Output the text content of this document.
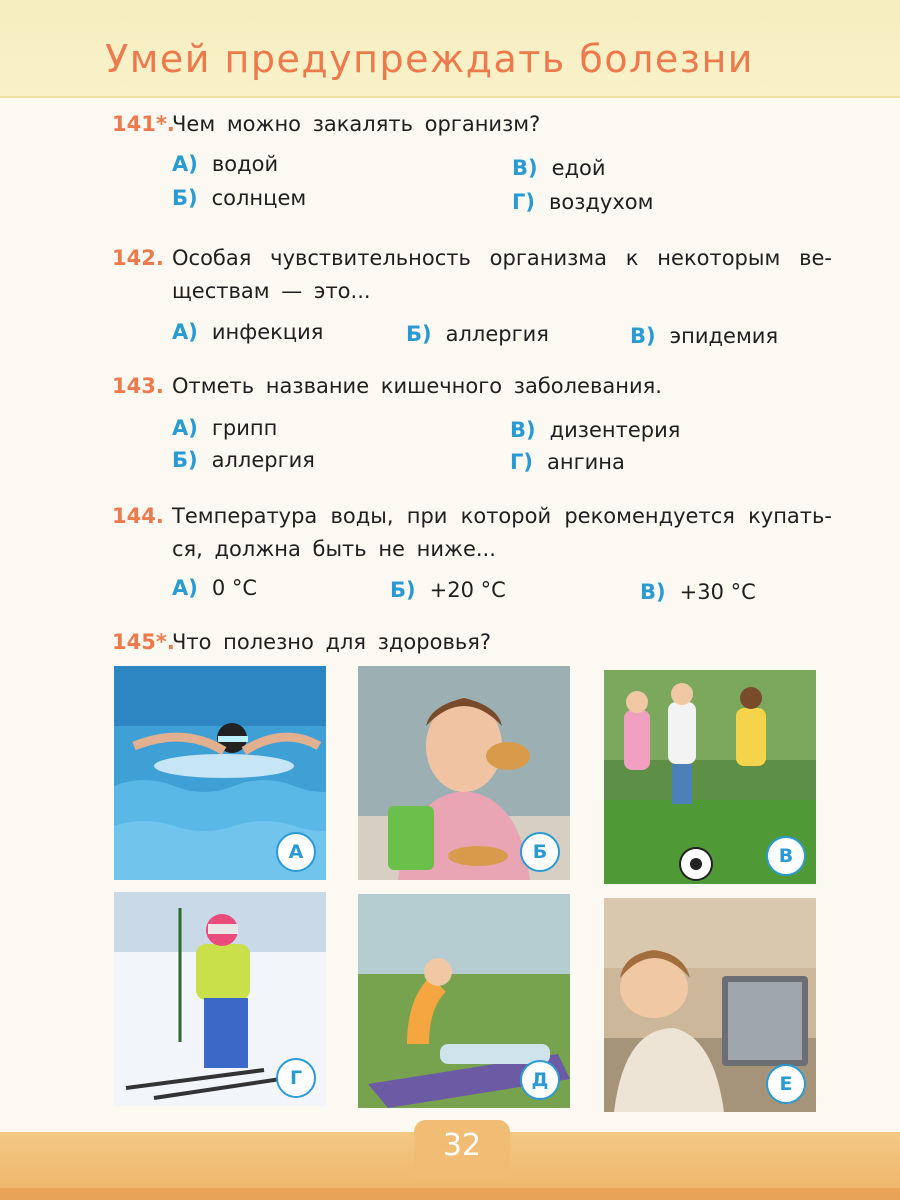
Умей предупреждать болезни
141*.
Чем можно закалять организм?
А) водой
Б) солнцем
В) едой
Г) воздухом
142. Особая чувствительность организма к некоторым ве-
ществам — это...
А) инфекция	Б) аллергия	В) эпидемия
143. Отметь название кишечного заболевания.
А) грипп
Б) аллергия
В) дизентерия
Г) ангина
144. Температура воды, при которой рекомендуется купать-
ся, должна быть не ниже...
А) 0 °С	Б) +20 °С	В) +30 °С
145*.
Что полезно для здоровья?
А	Б	В
Г	Д	Е
32
